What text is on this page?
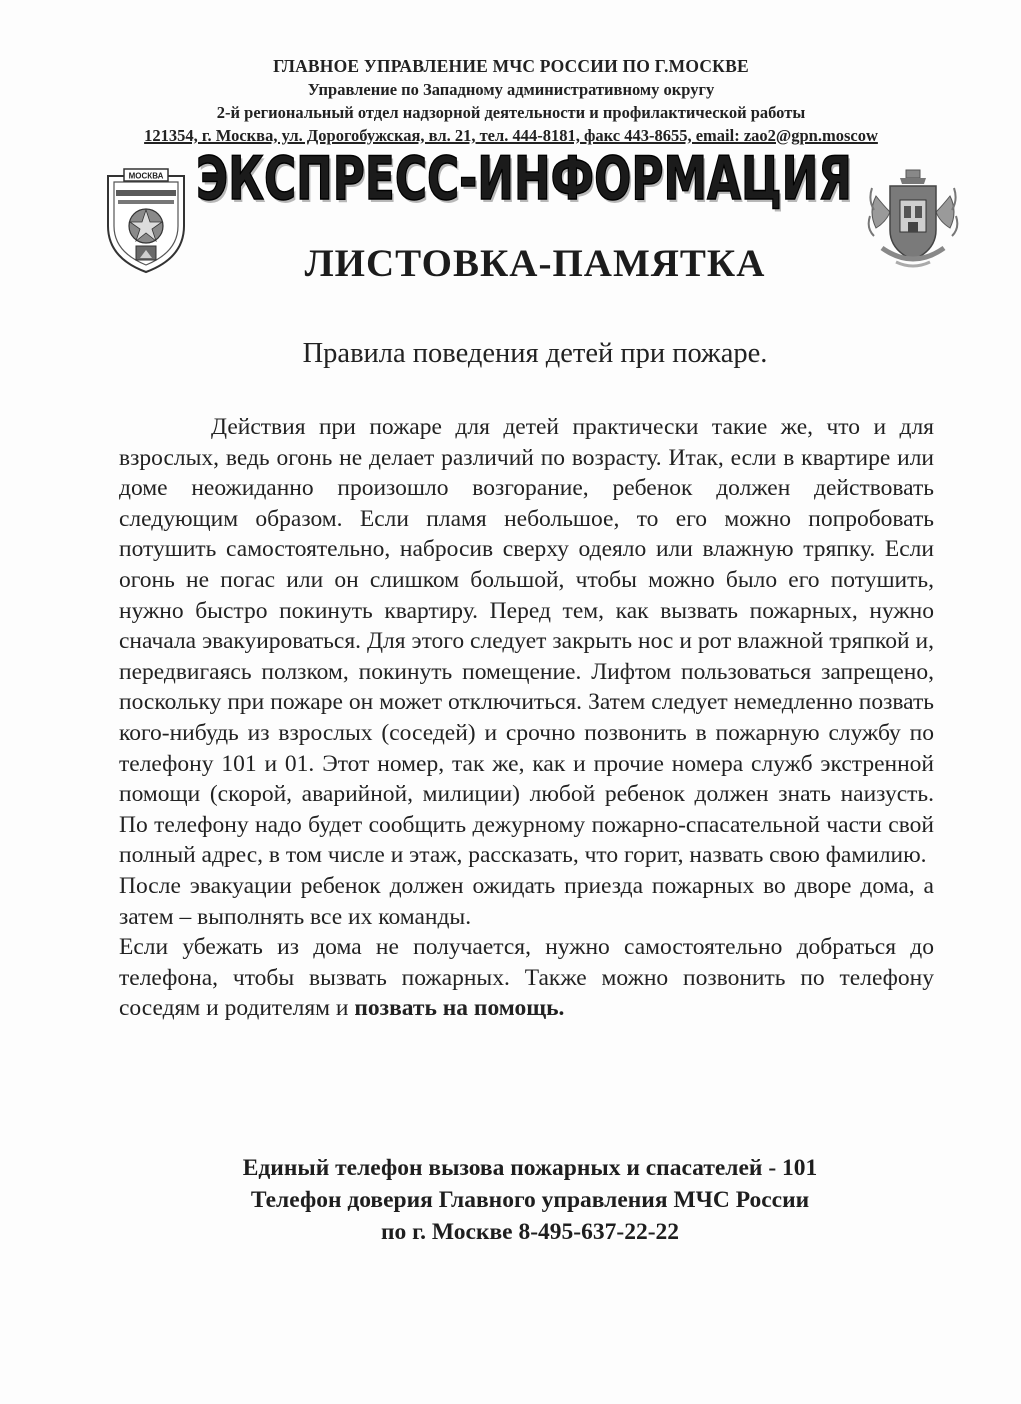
ГЛАВНОЕ УПРАВЛЕНИЕ МЧС РОССИИ ПО Г.МОСКВЕ
Управление по Западному административному округу
2-й региональный отдел надзорной деятельности и профилактической работы
121354, г. Москва, ул. Дорогобужская, вл. 21, тел. 444-8181, факс 443-8655, email: zao2@gpn.moscow
МОСКВА ЭКСПРЕСС-ИНФОРМАЦИЯ
ЭКСПРЕСС-ИНФОРМАЦИЯ
ЛИСТОВКА-ПАМЯТКА
Правила поведения детей при пожаре.

Действия при пожаре для детей практически такие же, что и для взрослых, ведь огонь не делает различий по возрасту. Итак, если в квартире или доме неожиданно произошло возгорание, ребенок должен действовать следующим образом. Если пламя небольшое, то его можно попробовать потушить самостоятельно, набросив сверху одеяло или влажную тряпку. Если огонь не погас или он слишком большой, чтобы можно было его потушить, нужно быстро покинуть квартиру. Перед тем, как вызвать пожарных, нужно сначала эвакуироваться. Для этого следует закрыть нос и рот влажной тряпкой и, передвигаясь ползком, покинуть помещение. Лифтом пользоваться запрещено, поскольку при пожаре он может отключиться. Затем следует немедленно позвать кого-нибудь из взрослых (соседей) и срочно позвонить в пожарную службу по телефону 101 и 01. Этот номер, так же, как и прочие номера служб экстренной помощи (скорой, аварийной, милиции) любой ребенок должен знать наизусть. По телефону надо будет сообщить дежурному пожарно-спасательной части свой полный адрес, в том числе и этаж, рассказать, что горит, назвать свою фамилию.

После эвакуации ребенок должен ожидать приезда пожарных во дворе дома, а затем – выполнять все их команды.

Если убежать из дома не получается, нужно самостоятельно добраться до телефона, чтобы вызвать пожарных. Также можно позвонить по телефону соседям и родителям и позвать на помощь.

Единый телефон вызова пожарных и спасателей - 101
Телефон доверия Главного управления МЧС России
по г. Москве 8-495-637-22-22
